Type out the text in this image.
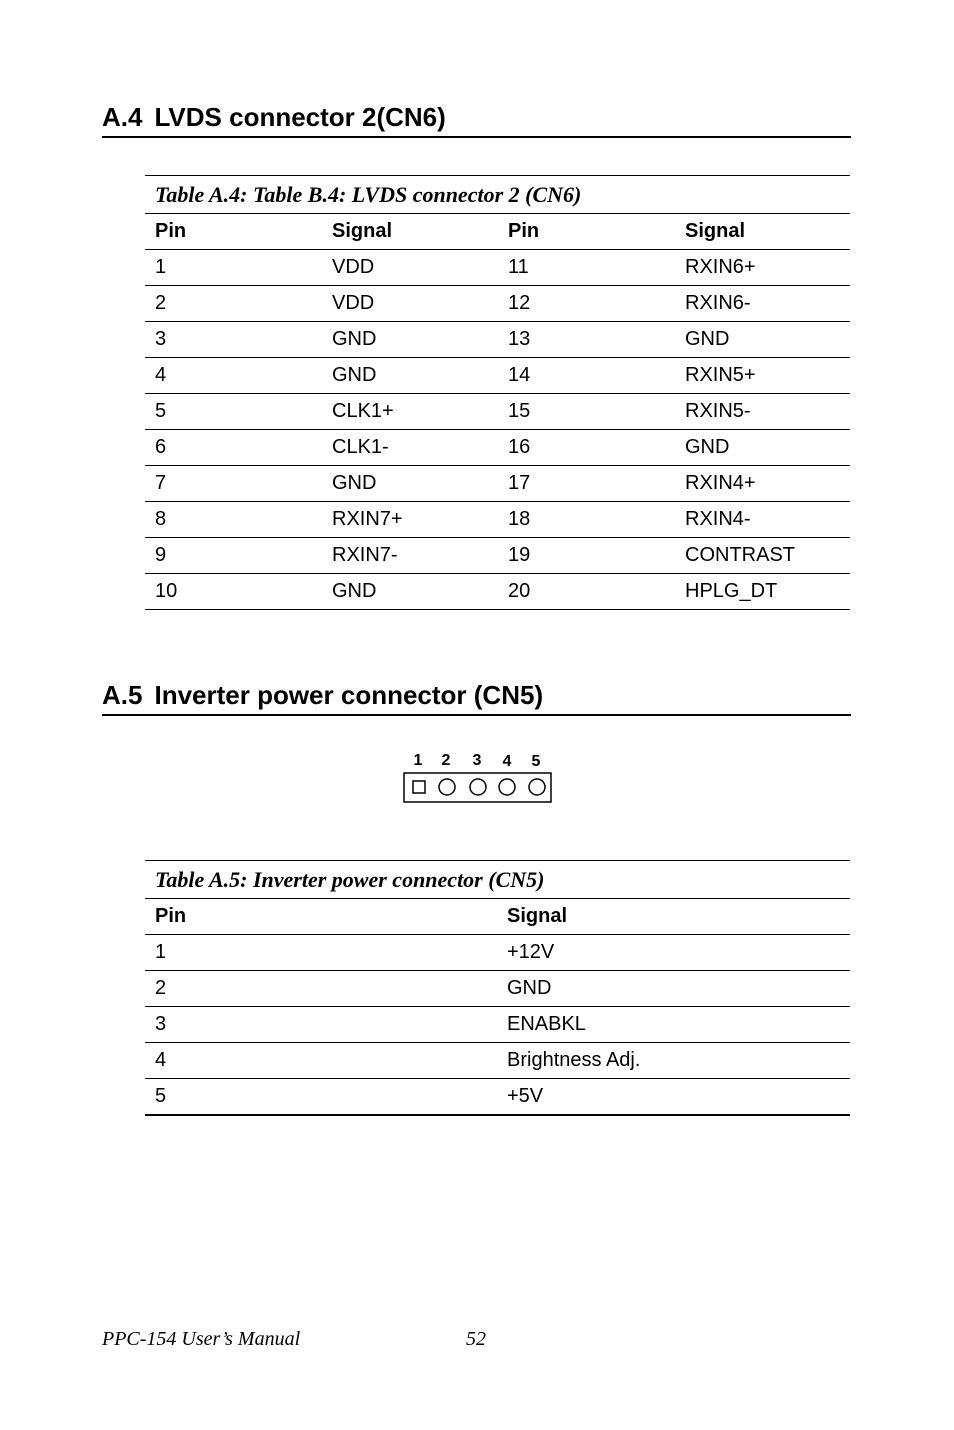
A.4 LVDS connector 2(CN6)
Table A.4: Table B.4: LVDS connector 2 (CN6)
Pin	Signal	Pin	Signal
1	VDD	11	RXIN6+
2	VDD	12	RXIN6-
3	GND	13	GND
4	GND	14	RXIN5+
5	CLK1+	15	RXIN5-
6	CLK1-	16	GND
7	GND	17	RXIN4+
8	RXIN7+	18	RXIN4-
9	RXIN7-	19	CONTRAST
10	GND	20	HPLG_DT
A.5 Inverter power connector (CN5)
1 2 3 4 5
Table A.5: Inverter power connector (CN5)
Pin	Signal
1	+12V
2	GND
3	ENABKL
4	Brightness Adj.
5	+5V
PPC-154 User’s Manual	52
